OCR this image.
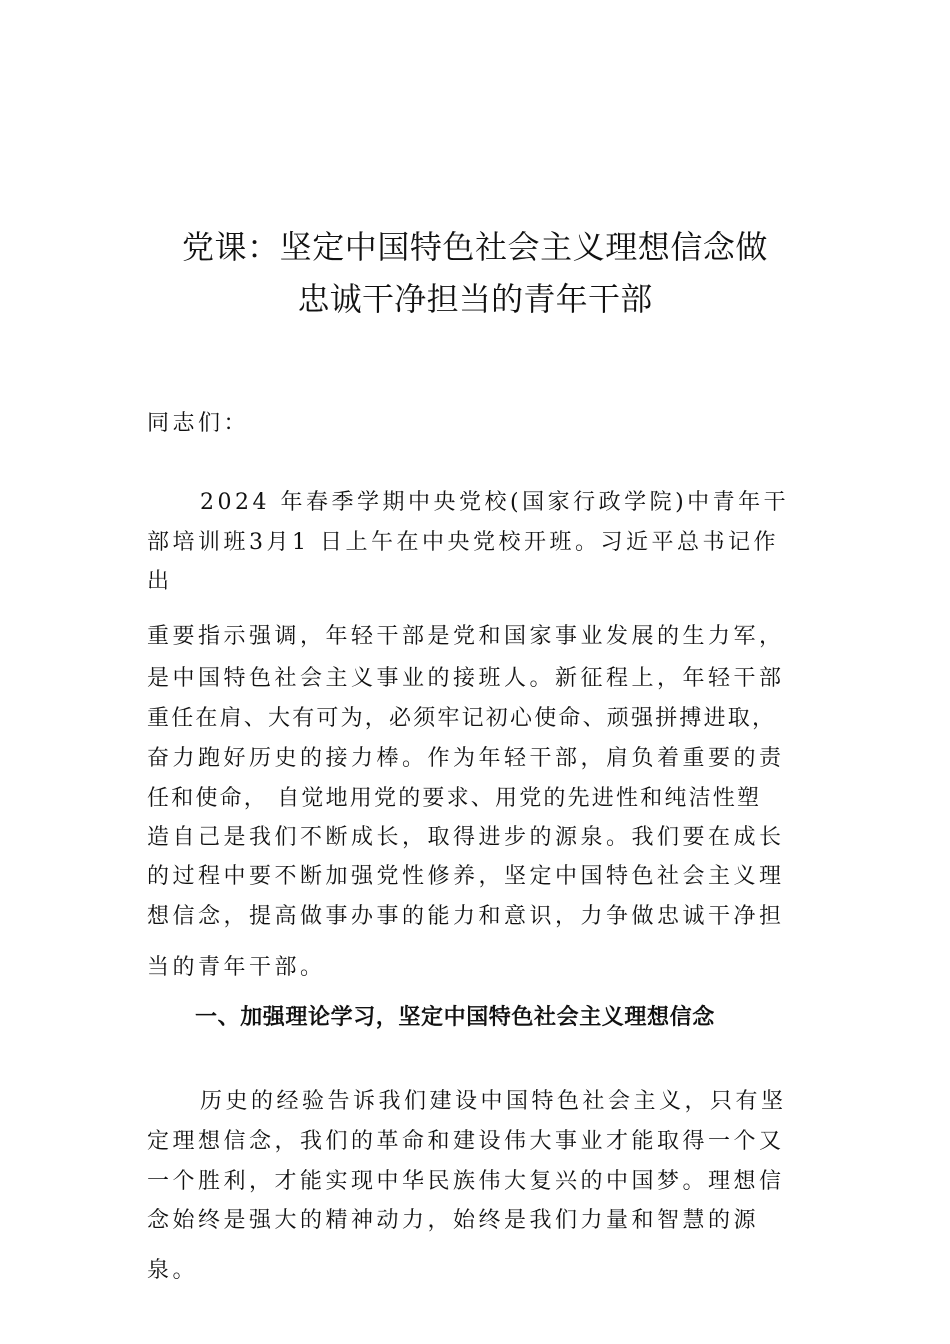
党课：坚定中国特色社会主义理想信念做
忠诚干净担当的青年干部
同志们：
2024 年春季学期中央党校(国家行政学院)中青年干
部培训班3月1 日上午在中央党校开班。习近平总书记作
出
重要指示强调，年轻干部是党和国家事业发展的生力军，
是中国特色社会主义事业的接班人。新征程上，年轻干部
重任在肩、大有可为，必须牢记初心使命、顽强拼搏进取，
奋力跑好历史的接力棒。作为年轻干部，肩负着重要的责
任和使命， 自觉地用党的要求、用党的先进性和纯洁性塑
造自己是我们不断成长，取得进步的源泉。我们要在成长
的过程中要不断加强党性修养，坚定中国特色社会主义理
想信念，提高做事办事的能力和意识，力争做忠诚干净担
当的青年干部。
一、加强理论学习，坚定中国特色社会主义理想信念
历史的经验告诉我们建设中国特色社会主义，只有坚
定理想信念，我们的革命和建设伟大事业才能取得一个又
一个胜利，才能实现中华民族伟大复兴的中国梦。理想信
念始终是强大的精神动力，始终是我们力量和智慧的源
泉。
